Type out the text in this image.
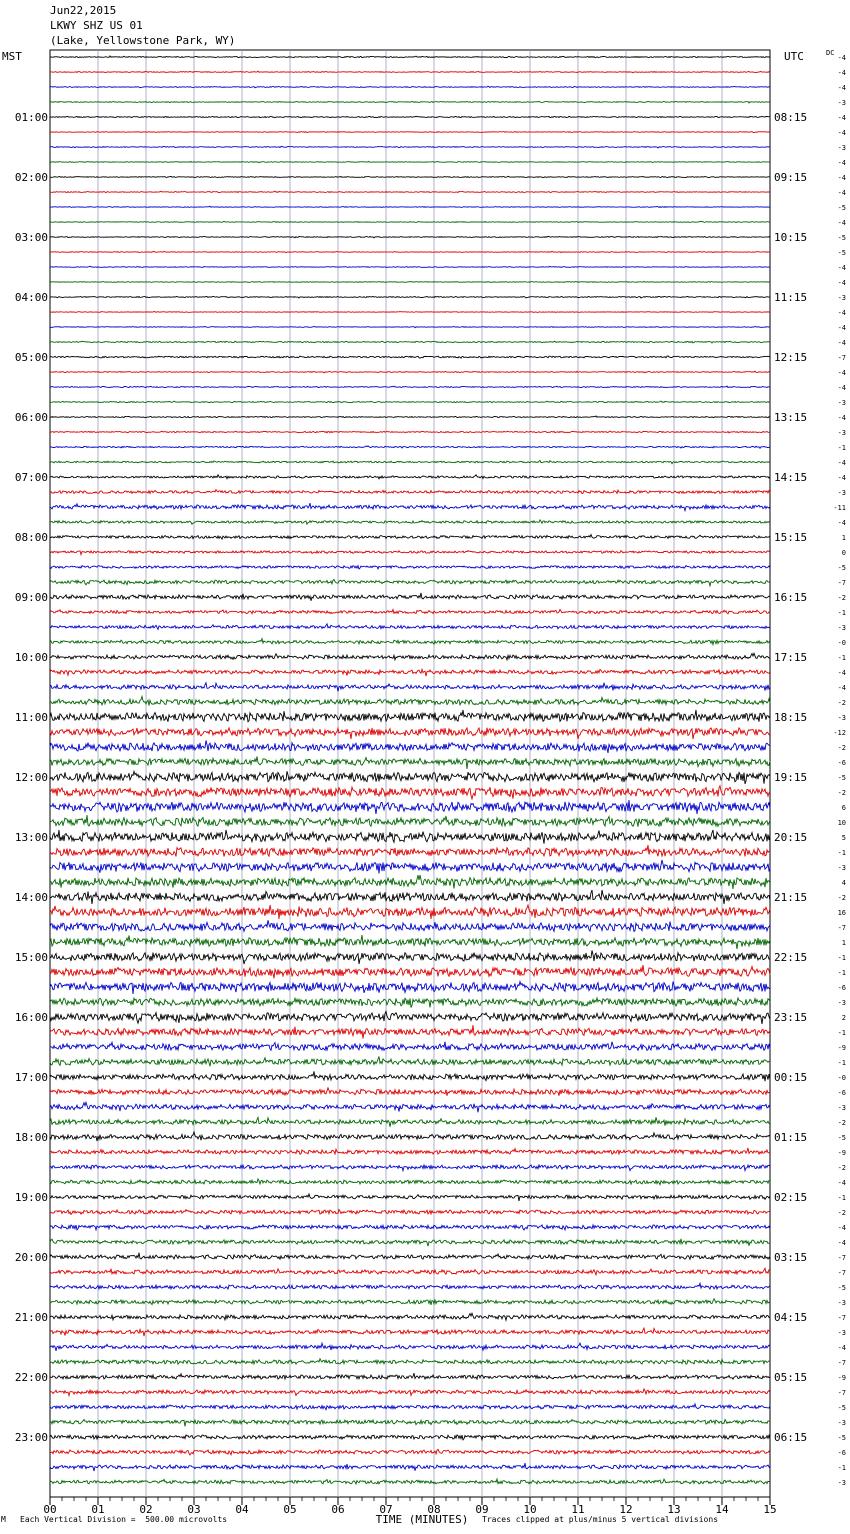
Jun22,2015
LKWY SHZ US 01
(Lake, Yellowstone Park, WY)
MST	UTC	DC
-4
-4
-4
-3
-4
-4
-3
-4
-4
-4
-5
-4
-5
-5
-4
-4
-3
-4
-4
-4
-7
-4
-4
-3
-4
-3
-1
-4
-4
-3
-11
-4
1
0
-5
-7
-2
-1
-3
-0
-1
-4
-4
-2
-3
-12
-2
-6
-5
-2
6
10
5
-1
-3
4
-2
16
-7
1
-1
-1
-6
-3
2
-1
-9
-1
-0
-6
-3
-2
-5
-9
-2
-4
-1
-2
-4
-4
-7
-7
-5
-3
-7
-3
-4
-7
-9
-7
-5
-3
-5
-6
-1
-3
01:00
02:00
03:00
04:00
05:00
06:00
07:00
08:00
09:00
10:00
11:00
12:00
13:00
14:00
15:00
16:00
17:00
18:00
19:00
20:00
21:00
22:00
23:00
08:15
09:15
10:15
11:15
12:15
13:15
14:15
15:15
16:15
17:15
18:15
19:15
20:15
21:15
22:15
23:15
00:15
01:15
02:15
03:15
04:15
05:15
06:15
00	01	02	03	04	05	06	07	08	09	10	11	12	13	14	15
TIME (MINUTES)
M Each Vertical Division =  500.00 microvolts	Traces clipped at plus/minus 5 vertical divisions
